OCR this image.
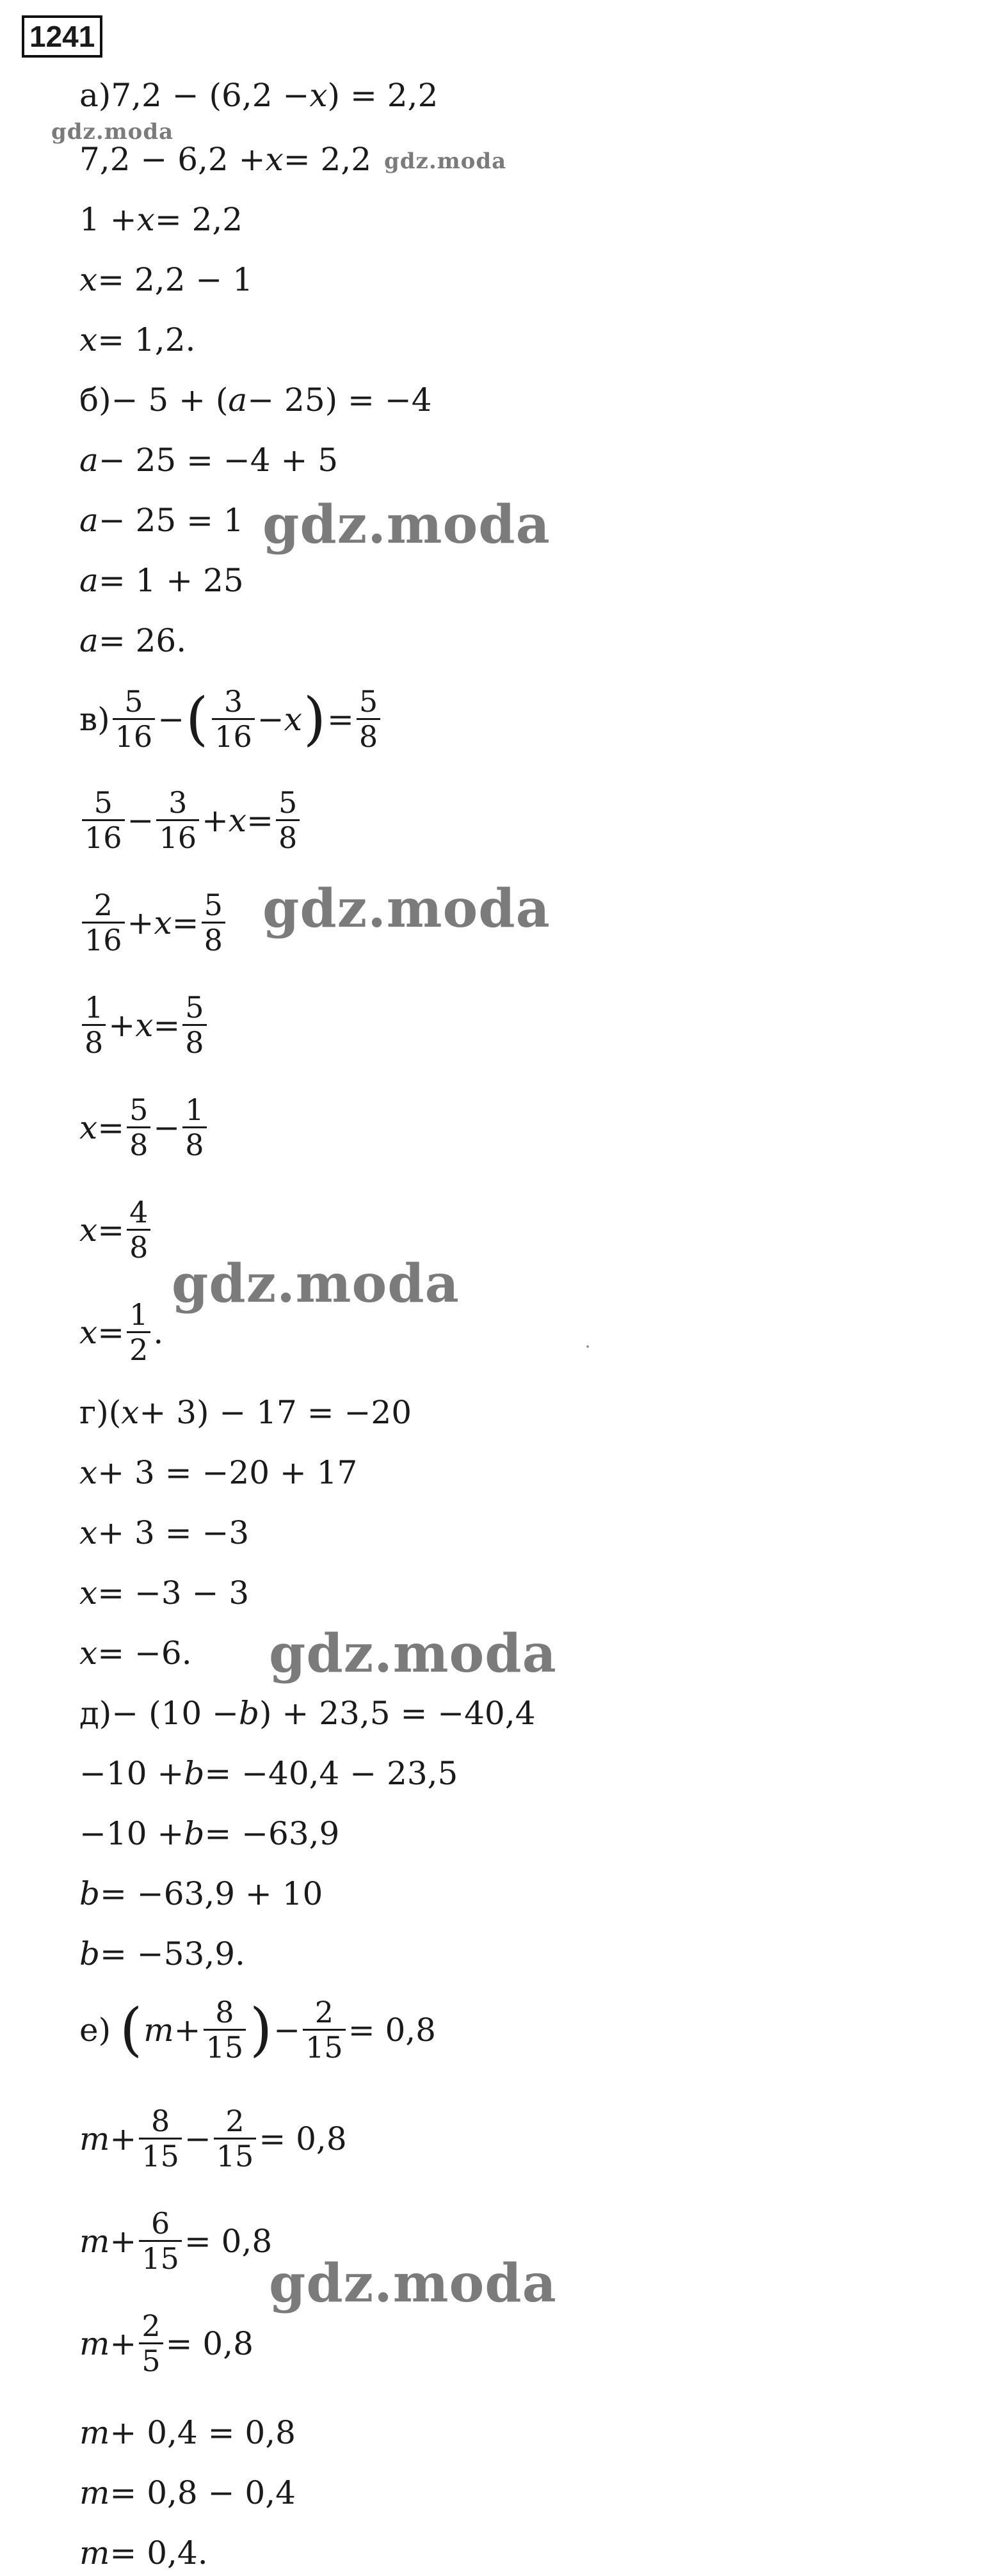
1241
а) 7,2 − (6,2 − x ) = 2,2
7,2 − 6,2 + x = 2,2
1 + x = 2,2
x = 2,2 − 1
x = 1,2.
б) − 5 + ( a − 25) = −4
a − 25 = −4 + 5
a − 25 = 1
a = 1 + 25
a = 26.
$в) \frac{5}{16}$ − ( $\frac{3}{16} - x$ ) = $\frac{5}{8}$
$\frac{5}{16} - \frac{3}{16} + x = \frac{5}{8}$
$\frac{2}{16} + x = \frac{5}{8}$
$\frac{1}{8} + x = \frac{5}{8}$
$x = \frac{5}{8} - \frac{1}{8}$
$x = \frac{4}{8}$
$x = \frac{1}{2}$ .
г) ( x + 3) − 17 = −20
x + 3 = −20 + 17
x + 3 = −3
x = −3 − 3
x = −6.
д) − (10 − b ) + 23,5 = −40,4
−10 + b = −40,4 − 23,5
−10 + b = −63,9
b = −63,9 + 10
b = −53,9.
е) ( $m + \frac{8}{15}$ ) − $\frac{2}{15} = 0,8$
$m + \frac{8}{15} - \frac{2}{15} = 0,8$
$m + \frac{6}{15} = 0,8$
$m + \frac{2}{5} = 0,8$
m + 0,4 = 0,8
m = 0,8 − 0,4
m = 0,4.
gdz.moda
gdz.moda
gdz.moda
gdz.moda
gdz.moda
gdz.moda
gdz.moda
